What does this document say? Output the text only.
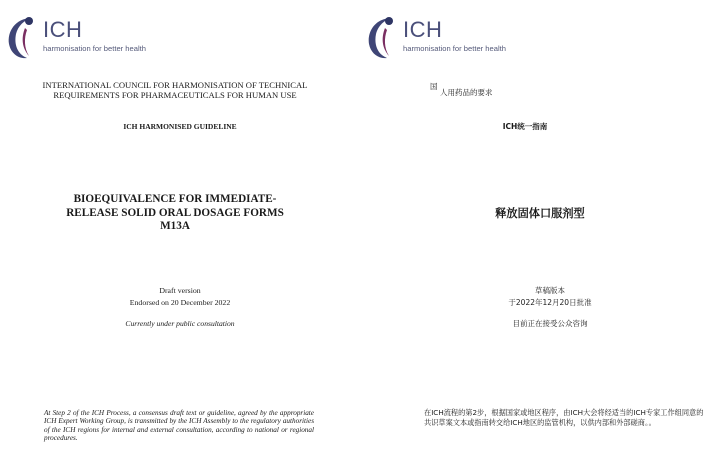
ICH
harmonisation for better health
INTERNATIONAL COUNCIL FOR HARMONISATION OF TECHNICAL
REQUIREMENTS FOR PHARMACEUTICALS FOR HUMAN USE
ICH HARMONISED GUIDELINE
BIOEQUIVALENCE FOR IMMEDIATE-
RELEASE SOLID ORAL DOSAGE FORMS
M13A
Draft version
Endorsed on 20 December 2022
Currently under public consultation
At Step 2 of the ICH Process, a consensus draft text or guideline, agreed by the appropriate ICH Expert Working Group, is transmitted by the ICH Assembly to the regulatory authorities of the ICH regions for internal and external consultation, according to national or regional procedures.
ICH
harmonisation for better health
国
人用药品的要求
ICH统一指南
释放固体口服剂型
草稿版本
于2022年12月20日批准
目前正在接受公众咨询
在ICH流程的第2步，根据国家或地区程序，由ICH大会将经适当的ICH专家工作组同意的共识草案文本或指南转交给ICH地区的监管机构，以供内部和外部磋商。。
